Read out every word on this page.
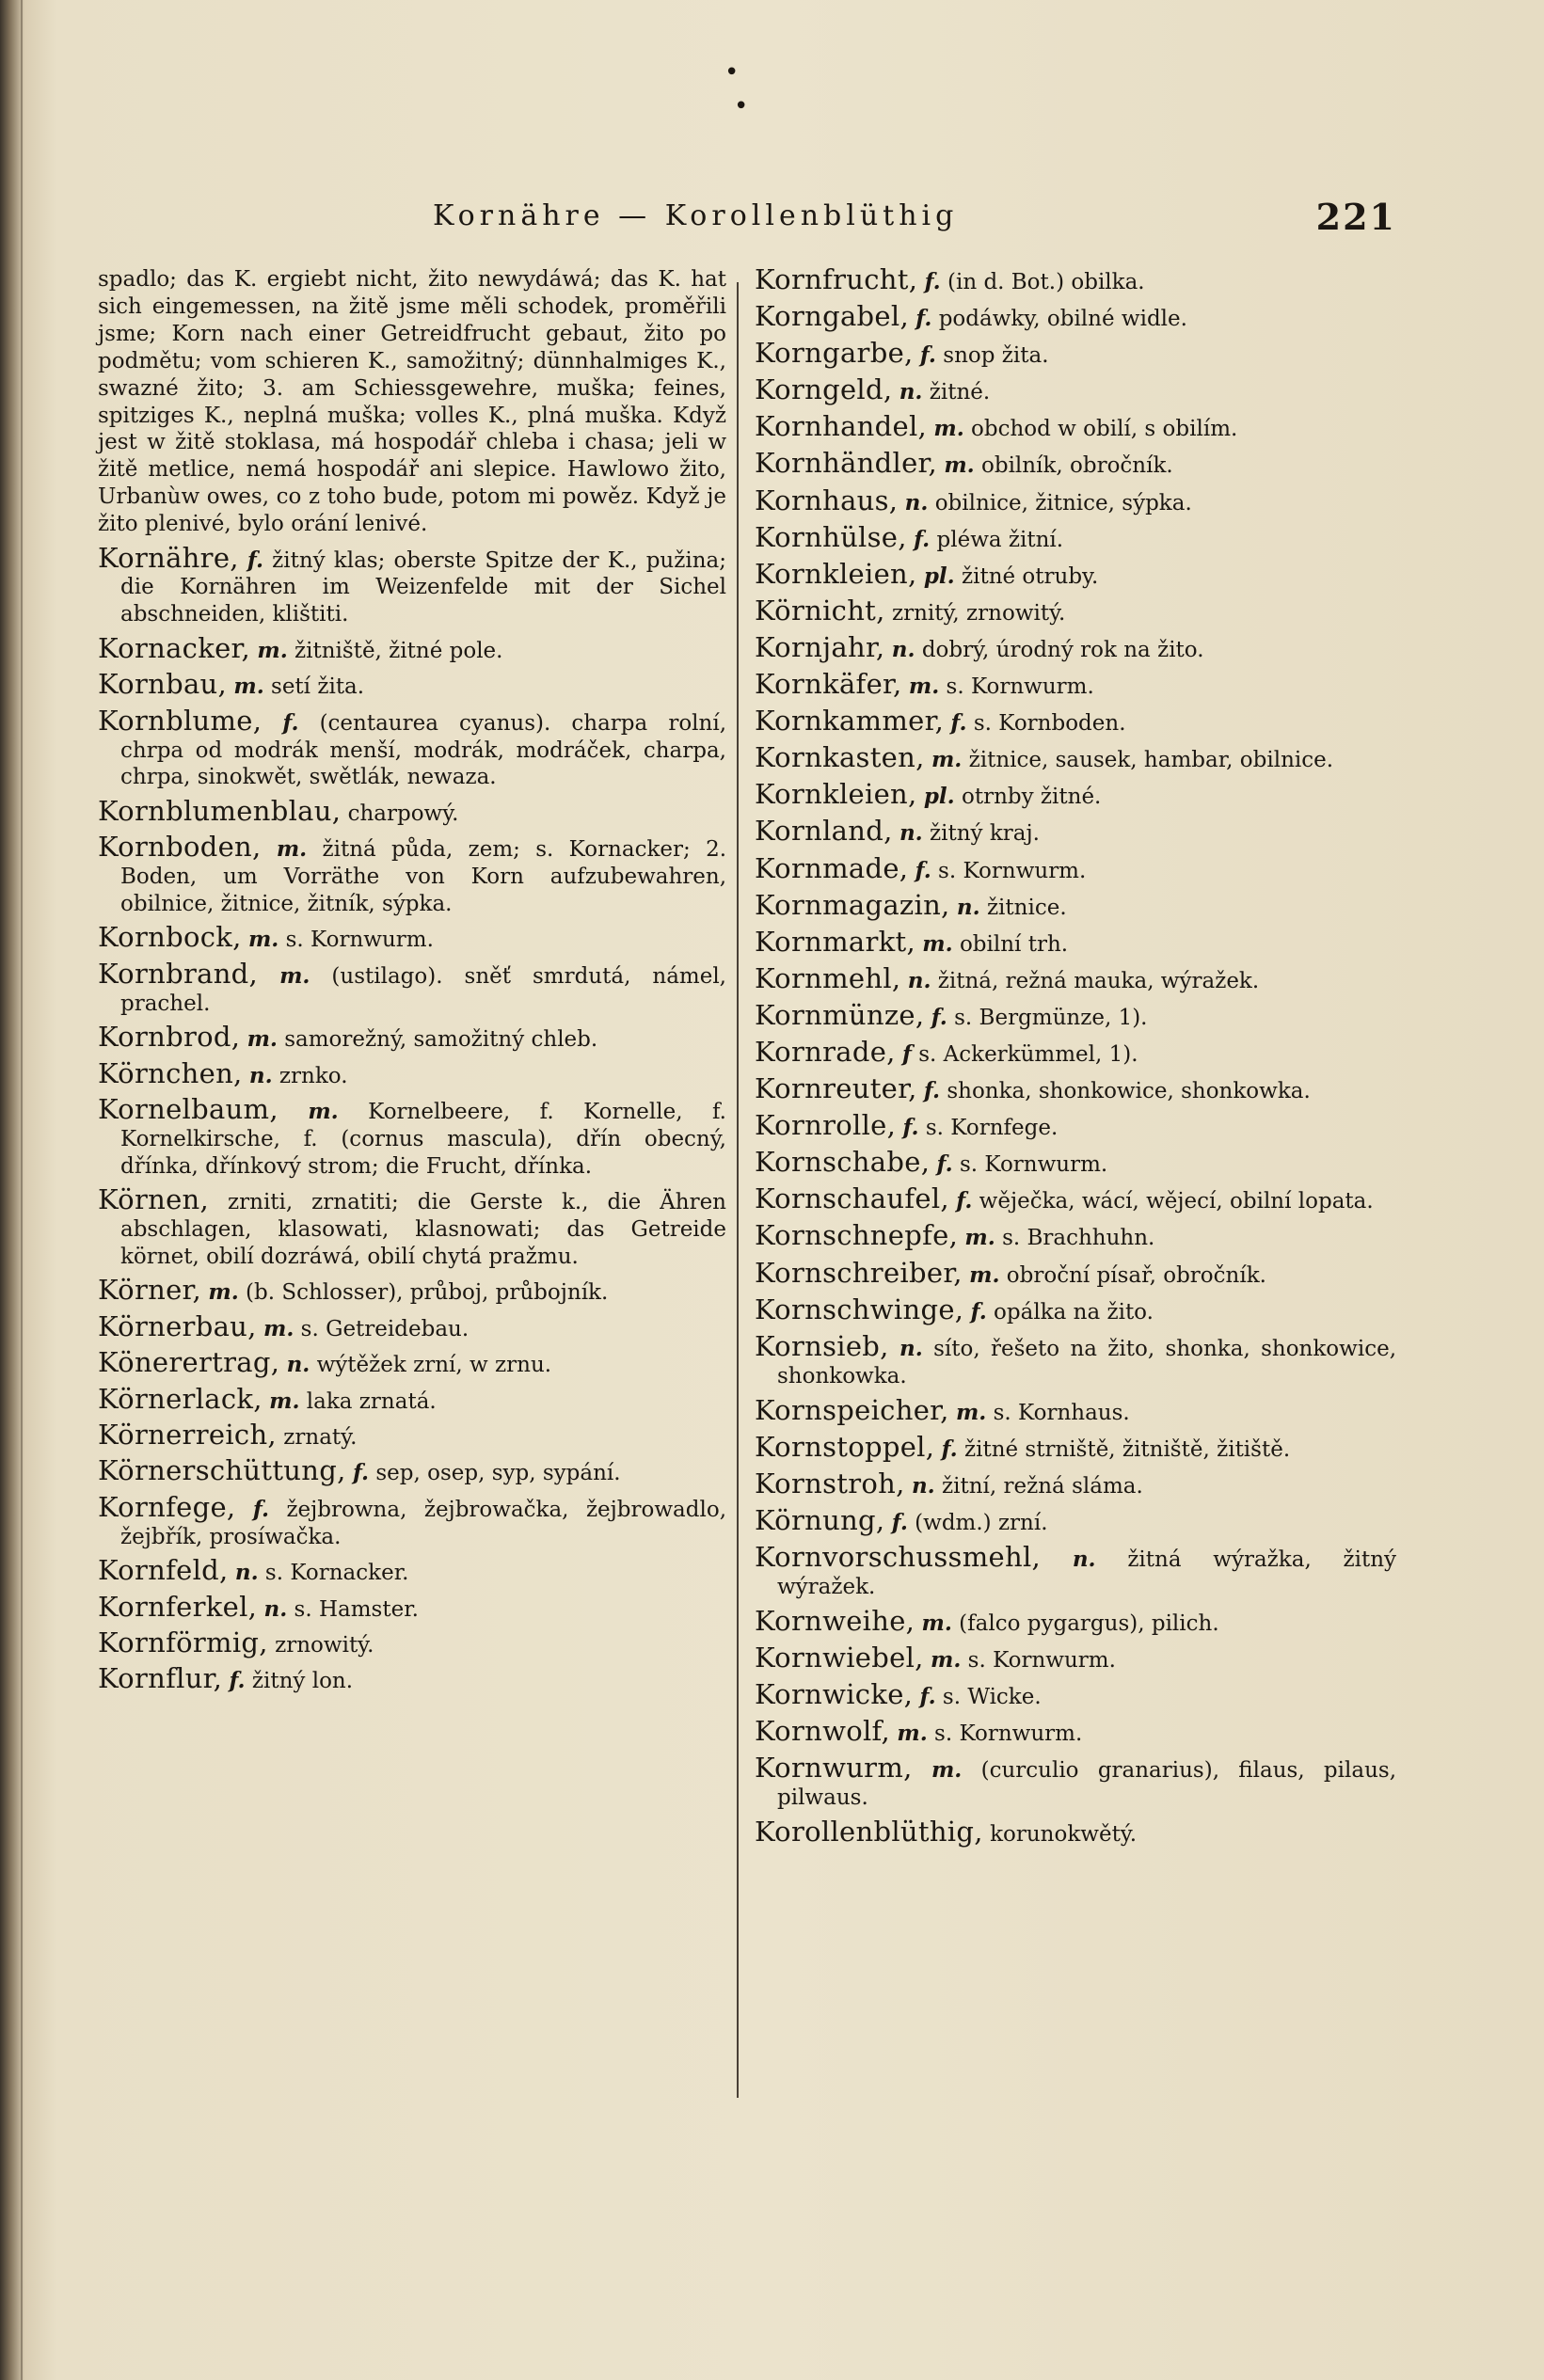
Kornähre — Korollenblüthig	221

spadlo; das K. ergiebt nicht, žito newydáwá; das K. hat sich eingemessen, na žitě jsme měli schodek, proměřili jsme; Korn nach einer Getreidfrucht gebaut, žito po podmětu; vom schieren K., samožitný; dünnhalmiges K., swazné žito; 3. am Schiessgewehre, muška; feines, spitziges K., neplná muška; volles K., plná muška. Když jest w žitě stoklasa, má hospodář chleba i chasa; jeli w žitě metlice, nemá hospodář ani slepice. Hawlowo žito, Urbanùw owes, co z toho bude, potom mi powěz. Když je žito plenivé, bylo orání lenivé.

Kornähre, f. žitný klas; oberste Spitze der K., pužina; die Kornähren im Weizenfelde mit der Sichel abschneiden, klištiti.

Kornacker, m. žitniště, žitné pole.

Kornbau, m. setí žita.

Kornblume, f. (centaurea cyanus). charpa rolní, chrpa od modrák menší, modrák, modráček, charpa, chrpa, sinokwět, swětlák, newaza.

Kornblumenblau, charpowý.

Kornboden, m. žitná půda, zem; s. Kornacker; 2. Boden, um Vorräthe von Korn aufzubewahren, obilnice, žitnice, žitník, sýpka.

Kornbock, m. s. Kornwurm.

Kornbrand, m. (ustilago). sněť smrdutá, námel, prachel.

Kornbrod, m. samorežný, samožitný chleb.

Körnchen, n. zrnko.

Kornelbaum, m. Kornelbeere, f. Kornelle, f. Kornelkirsche, f. (cornus mascula), dřín obecný, dřínka, dřínkový strom; die Frucht, dřínka.

Körnen, zrniti, zrnatiti; die Gerste k., die Ähren abschlagen, klasowati, klasnowati; das Getreide körnet, obilí dozráwá, obilí chytá pražmu.

Körner, m. (b. Schlosser), průboj, průbojník.

Körnerbau, m. s. Getreidebau.

Könerertrag, n. wýtěžek zrní, w zrnu.

Körnerlack, m. laka zrnatá.

Körnerreich, zrnatý.

Körnerschüttung, f. sep, osep, syp, sypání.

Kornfege, f. žejbrowna, žejbrowačka, žejbrowadlo, žejbřík, prosíwačka.

Kornfeld, n. s. Kornacker.

Kornferkel, n. s. Hamster.

Kornförmig, zrnowitý.

Kornflur, f. žitný lon.

Kornfrucht, f. (in d. Bot.) obilka.

Korngabel, f. podáwky, obilné widle.

Korngarbe, f. snop žita.

Korngeld, n. žitné.

Kornhandel, m. obchod w obilí, s obilím.

Kornhändler, m. obilník, obročník.

Kornhaus, n. obilnice, žitnice, sýpka.

Kornhülse, f. pléwa žitní.

Kornkleien, pl. žitné otruby.

Körnicht, zrnitý, zrnowitý.

Kornjahr, n. dobrý, úrodný rok na žito.

Kornkäfer, m. s. Kornwurm.

Kornkammer, f. s. Kornboden.

Kornkasten, m. žitnice, sausek, hambar, obilnice.

Kornkleien, pl. otrnby žitné.

Kornland, n. žitný kraj.

Kornmade, f. s. Kornwurm.

Kornmagazin, n. žitnice.

Kornmarkt, m. obilní trh.

Kornmehl, n. žitná, režná mauka, wýražek.

Kornmünze, f. s. Bergmünze, 1).

Kornrade, f s. Ackerkümmel, 1).

Kornreuter, f. shonka, shonkowice, shonkowka.

Kornrolle, f. s. Kornfege.

Kornschabe, f. s. Kornwurm.

Kornschaufel, f. wěječka, wácí, wějecí, obilní lopata.

Kornschnepfe, m. s. Brachhuhn.

Kornschreiber, m. obroční písař, obročník.

Kornschwinge, f. opálka na žito.

Kornsieb, n. síto, řešeto na žito, shonka, shonkowice, shonkowka.

Kornspeicher, m. s. Kornhaus.

Kornstoppel, f. žitné strniště, žitniště, žitiště.

Kornstroh, n. žitní, režná sláma.

Körnung, f. (wdm.) zrní.

Kornvorschussmehl, n. žitná wýražka, žitný wýražek.

Kornweihe, m. (falco pygargus), pilich.

Kornwiebel, m. s. Kornwurm.

Kornwicke, f. s. Wicke.

Kornwolf, m. s. Kornwurm.

Kornwurm, m. (curculio granarius), filaus, pilaus, pilwaus.

Korollenblüthig, korunokwětý.

•
•
